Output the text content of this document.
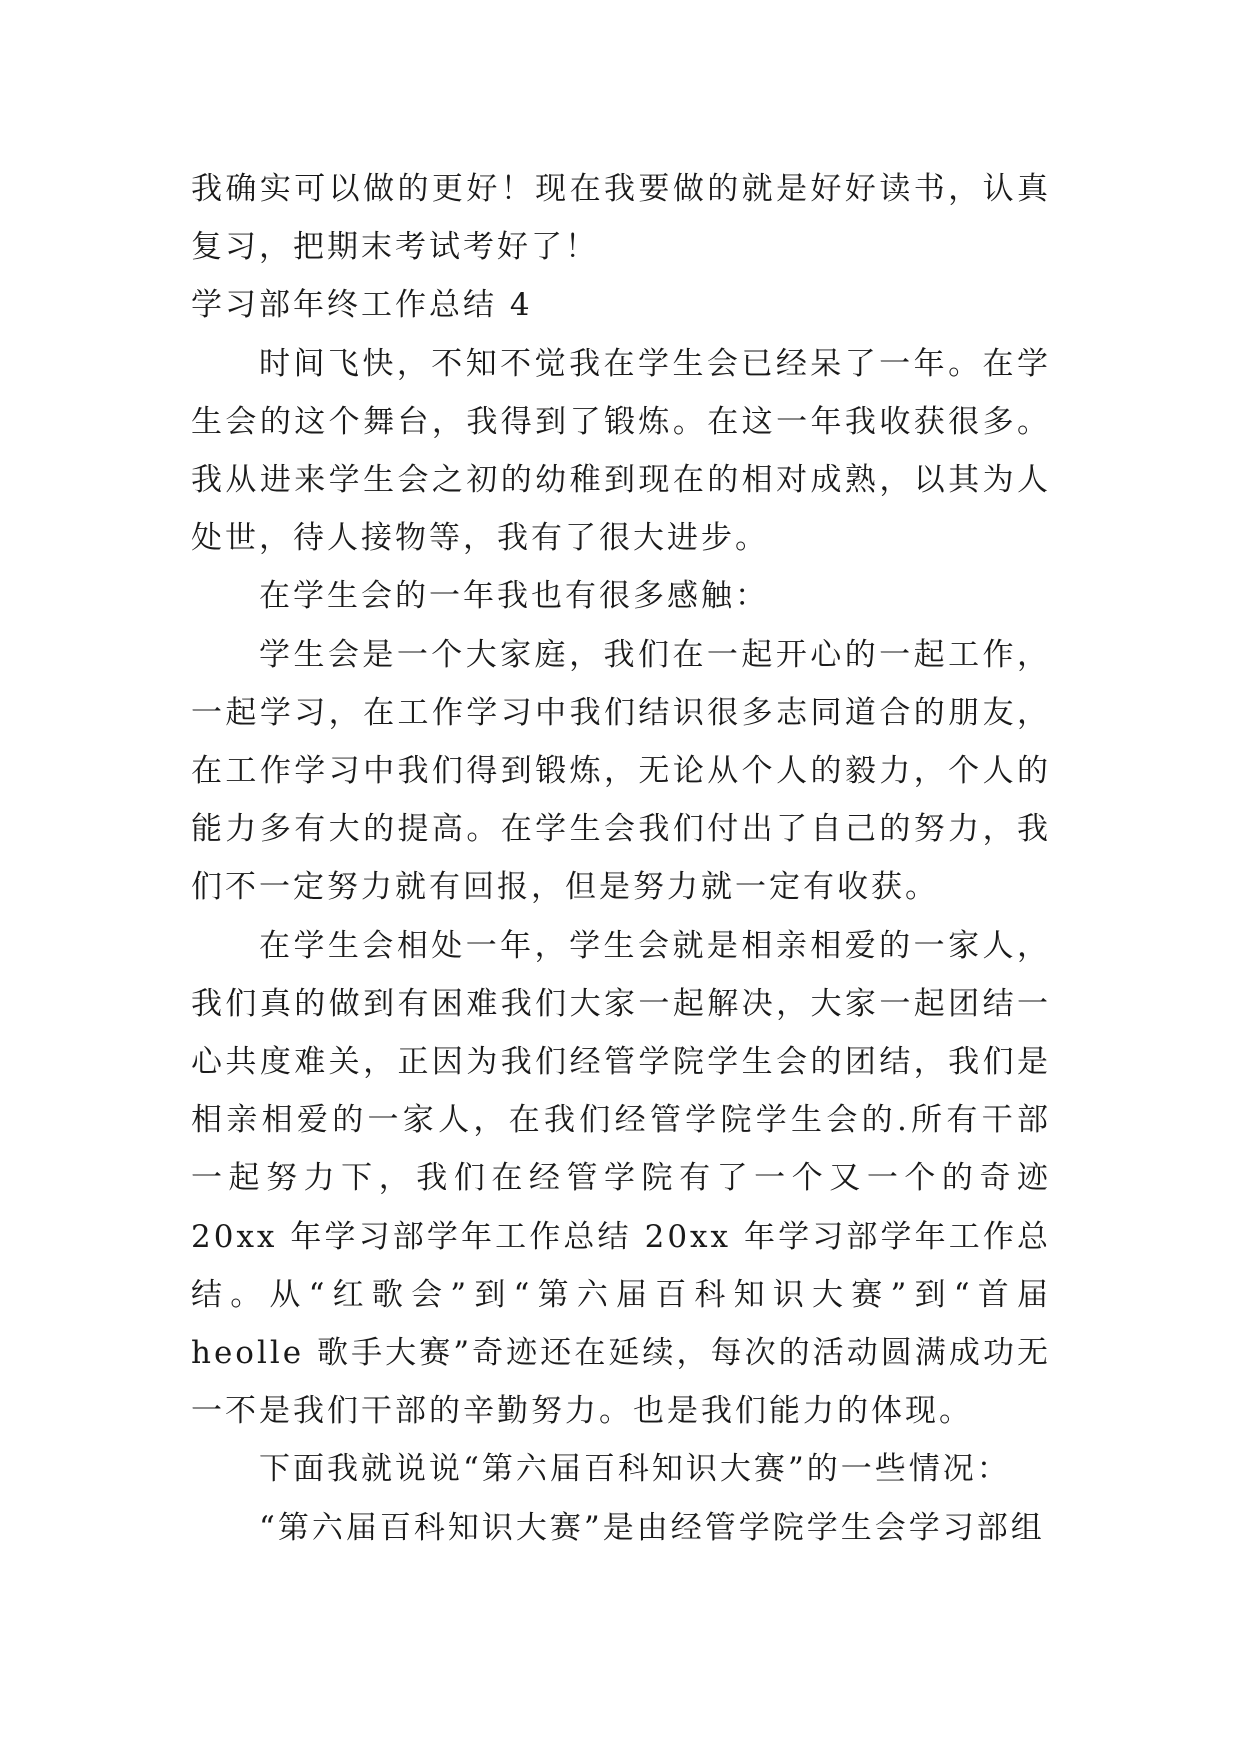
我确实可以做的更好！现在我要做的就是好好读书，认真复习，把期末考试考好了！

学习部年终工作总结 4

时间飞快，不知不觉我在学生会已经呆了一年。在学生会的这个舞台，我得到了锻炼。在这一年我收获很多。我从进来学生会之初的幼稚到现在的相对成熟，以其为人处世，待人接物等，我有了很大进步。

在学生会的一年我也有很多感触：

学生会是一个大家庭，我们在一起开心的一起工作，一起学习，在工作学习中我们结识很多志同道合的朋友，在工作学习中我们得到锻炼，无论从个人的毅力，个人的能力多有大的提高。在学生会我们付出了自己的努力，我们不一定努力就有回报，但是努力就一定有收获。

在学生会相处一年，学生会就是相亲相爱的一家人，我们真的做到有困难我们大家一起解决，大家一起团结一心共度难关，正因为我们经管学院学生会的团结，我们是相亲相爱的一家人，在我们经管学院学生会的.所有干部一起努力下，我们在经管学院有了一个又一个的奇迹 20xx 年学习部学年工作总结 20xx 年学习部学年工作总结。从“红歌会”到“第六届百科知识大赛”到“首届 heolle 歌手大赛”奇迹还在延续，每次的活动圆满成功无一不是我们干部的辛勤努力。也是我们能力的体现。

下面我就说说“第六届百科知识大赛”的一些情况：

“第六届百科知识大赛”是由经管学院学生会学习部组
